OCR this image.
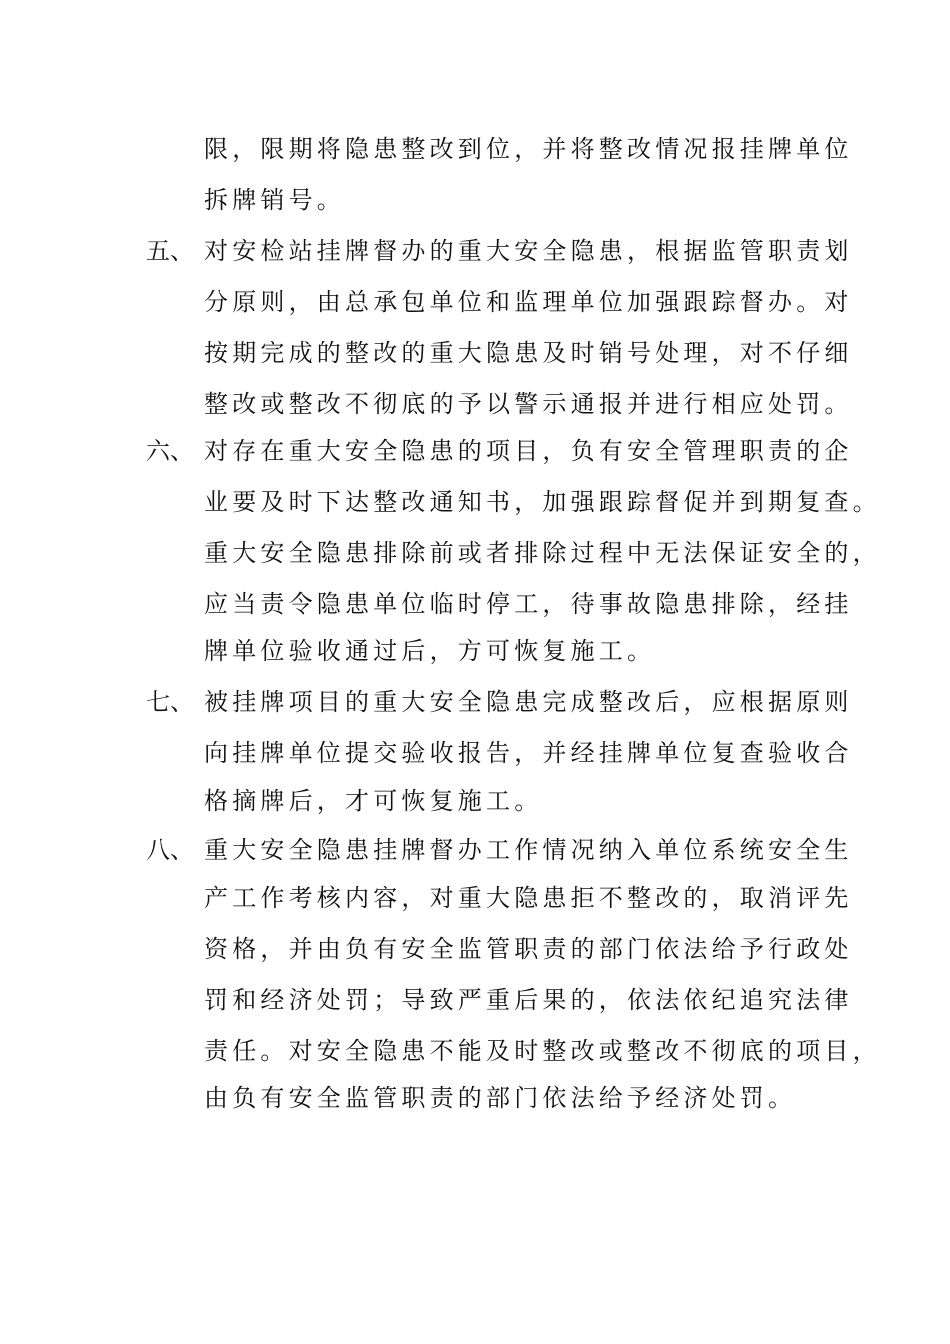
限，限期将隐患整改到位，并将整改情况报挂牌单位
拆牌销号。
五、 对安检站挂牌督办的重大安全隐患，根据监管职责划
分原则，由总承包单位和监理单位加强跟踪督办。对
按期完成的整改的重大隐患及时销号处理，对不仔细
整改或整改不彻底的予以警示通报并进行相应处罚。
六、 对存在重大安全隐患的项目，负有安全管理职责的企
业要及时下达整改通知书，加强跟踪督促并到期复查。
重大安全隐患排除前或者排除过程中无法保证安全的，
应当责令隐患单位临时停工，待事故隐患排除，经挂
牌单位验收通过后，方可恢复施工。
七、 被挂牌项目的重大安全隐患完成整改后，应根据原则
向挂牌单位提交验收报告，并经挂牌单位复查验收合
格摘牌后，才可恢复施工。
八、 重大安全隐患挂牌督办工作情况纳入单位系统安全生
产工作考核内容，对重大隐患拒不整改的，取消评先
资格，并由负有安全监管职责的部门依法给予行政处
罚和经济处罚；导致严重后果的，依法依纪追究法律
责任。对安全隐患不能及时整改或整改不彻底的项目，
由负有安全监管职责的部门依法给予经济处罚。
